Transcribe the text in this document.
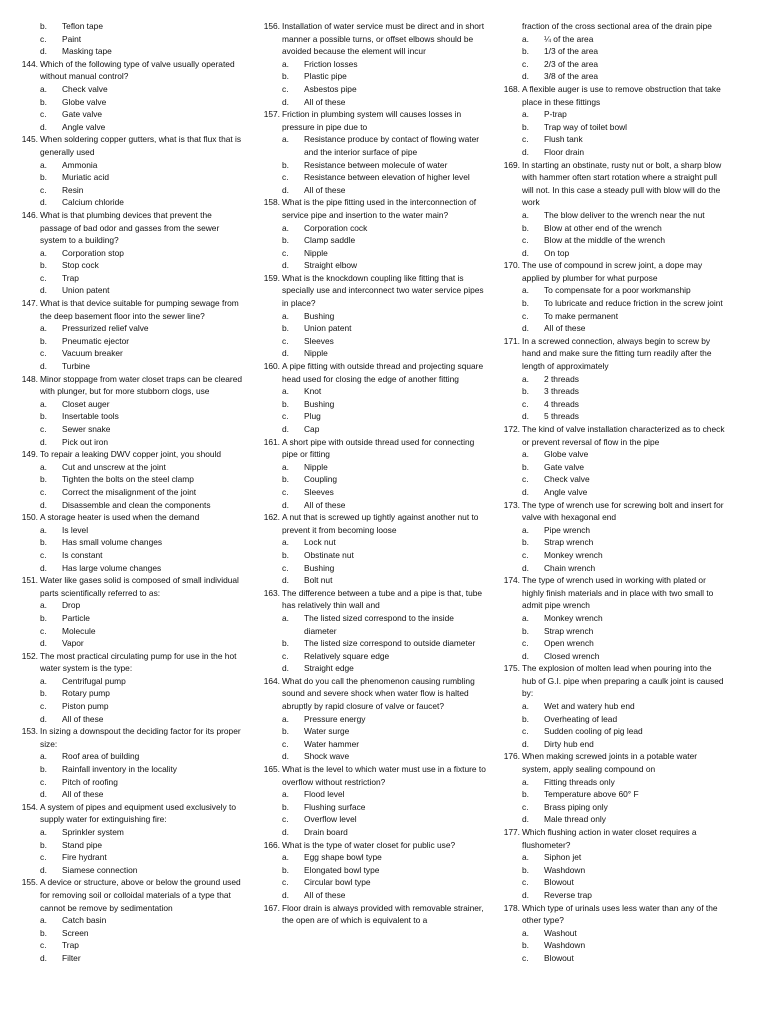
b.	Teflon tape
c.	Paint
d.	Masking tape
144. Which of the following type of valve usually operated without manual control?
a.	Check valve
b.	Globe valve
c.	Gate valve
d.	Angle valve
145. When soldering copper gutters, what is that flux that is generally used
a.	Ammonia
b.	Muriatic acid
c.	Resin
d.	Calcium chloride
146. What is that plumbing devices that prevent the passage of bad odor and gasses from the sewer system to a building?
a.	Corporation stop
b.	Stop cock
c.	Trap
d.	Union patent
147. What is that device suitable for pumping sewage from the deep basement floor into the sewer line?
a.	Pressurized relief valve
b.	Pneumatic ejector
c.	Vacuum breaker
d.	Turbine
148. Minor stoppage from water closet traps can be cleared with plunger, but for more stubborn clogs, use
a.	Closet auger
b.	Insertable tools
c.	Sewer snake
d.	Pick out iron
149. To repair a leaking DWV copper joint, you should
a.	Cut and unscrew at the joint
b.	Tighten the bolts on the steel clamp
c.	Correct the misalignment of the joint
d.	Disassemble and clean the components
150. A storage heater is used when the demand
a.	Is level
b.	Has small volume changes
c.	Is constant
d.	Has large volume changes
151. Water like gases solid is composed of small individual parts scientifically referred to as:
a.	Drop
b.	Particle
c.	Molecule
d.	Vapor
152. The most practical circulating pump for use in the hot water system is the type:
a.	Centrifugal pump
b.	Rotary pump
c.	Piston pump
d.	All of these
153. In sizing a downspout the deciding factor for its proper size:
a.	Roof area of building
b.	Rainfall inventory in the locality
c.	Pitch of roofing
d.	All of these
154. A system of pipes and equipment used exclusively to supply water for extinguishing fire:
a.	Sprinkler system
b.	Stand pipe
c.	Fire hydrant
d.	Siamese connection
155. A device or structure, above or below the ground used for removing soil or colloidal materials of a type that cannot be remove by sedimentation
a.	Catch basin
b.	Screen
c.	Trap
d.	Filter
156. Installation of water service must be direct and in short manner a possible turns, or offset elbows should be avoided because the element will incur
a.	Friction losses
b.	Plastic pipe
c.	Asbestos pipe
d.	All of these
157. Friction in plumbing system will causes losses in pressure in pipe due to
a.	Resistance produce by contact of flowing water and the interior surface of pipe
b.	Resistance between molecule of water
c.	Resistance between elevation of higher level
d.	All of these
158. What is the pipe fitting used in the interconnection of service pipe and insertion to the water main?
a.	Corporation cock
b.	Clamp saddle
c.	Nipple
d.	Straight elbow
159. What is the knockdown coupling like fitting that is specially use and interconnect two water service pipes in place?
a.	Bushing
b.	Union patent
c.	Sleeves
d.	Nipple
160. A pipe fitting with outside thread and projecting square head used for closing the edge of another fitting
a.	Knot
b.	Bushing
c.	Plug
d.	Cap
161. A short pipe with outside thread used for connecting pipe or fitting
a.	Nipple
b.	Coupling
c.	Sleeves
d.	All of these
162. A nut that is screwed up tightly against another nut to prevent it from becoming loose
a.	Lock nut
b.	Obstinate nut
c.	Bushing
d.	Bolt nut
163. The difference between a tube and a pipe is that, tube has relatively thin wall and
a.	The listed sized correspond to the inside diameter
b.	The listed size correspond to outside diameter
c.	Relatively square edge
d.	Straight edge
164. What do you call the phenomenon causing rumbling sound and severe shock when water flow is halted abruptly by rapid closure of valve or faucet?
a.	Pressure energy
b.	Water surge
c.	Water hammer
d.	Shock wave
165. What is the level to which water must use in a fixture to overflow without restriction?
a.	Flood level
b.	Flushing surface
c.	Overflow level
d.	Drain board
166. What is the type of water closet for public use?
a.	Egg shape bowl type
b.	Elongated bowl type
c.	Circular bowl type
d.	All of these
167. Floor drain is always provided with removable strainer, the open are of which is equivalent to a
fraction of the cross sectional area of the drain pipe
a.	¼ of the area
b.	1/3 of the area
c.	2/3 of the area
d.	3/8 of the area
168. A flexible auger is use to remove obstruction that take place in these fittings
a.	P-trap
b.	Trap way of toilet bowl
c.	Flush tank
d.	Floor drain
169. In starting an obstinate, rusty nut or bolt, a sharp blow with hammer often start rotation where a straight pull will not. In this case a steady pull with blow will do the work
a.	The blow deliver to the wrench near the nut
b.	Blow at other end of the wrench
c.	Blow at the middle of the wrench
d.	On top
170. The use of compound in screw joint, a dope may applied by plumber for what purpose
a.	To compensate for a poor workmanship
b.	To lubricate and reduce friction in the screw joint
c.	To make permanent
d.	All of these
171. In a screwed connection, always begin to screw by hand and make sure the fitting turn readily after the length of approximately
a.	2 threads
b.	3 threads
c.	4 threads
d.	5 threads
172. The kind of valve installation characterized as to check or prevent reversal of flow in the pipe
a.	Globe valve
b.	Gate valve
c.	Check valve
d.	Angle valve
173. The type of wrench use for screwing bolt and insert for valve with hexagonal end
a.	Pipe wrench
b.	Strap wrench
c.	Monkey wrench
d.	Chain wrench
174. The type of wrench used in working with plated or highly finish materials and in place with two small to admit pipe wrench
a.	Monkey wrench
b.	Strap wrench
c.	Open wrench
d.	Closed wrench
175. The explosion of molten lead when pouring into the hub of G.I. pipe when preparing a caulk joint is caused by:
a.	Wet and watery hub end
b.	Overheating of lead
c.	Sudden cooling of pig lead
d.	Dirty hub end
176. When making screwed joints in a potable water system, apply sealing compound on
a.	Fitting threads only
b.	Temperature above 60° F
c.	Brass piping only
d.	Male thread only
177. Which flushing action in water closet requires a flushometer?
a.	Siphon jet
b.	Washdown
c.	Blowout
d.	Reverse trap
178. Which type of urinals uses less water than any of the other type?
a.	Washout
b.	Washdown
c.	Blowout
